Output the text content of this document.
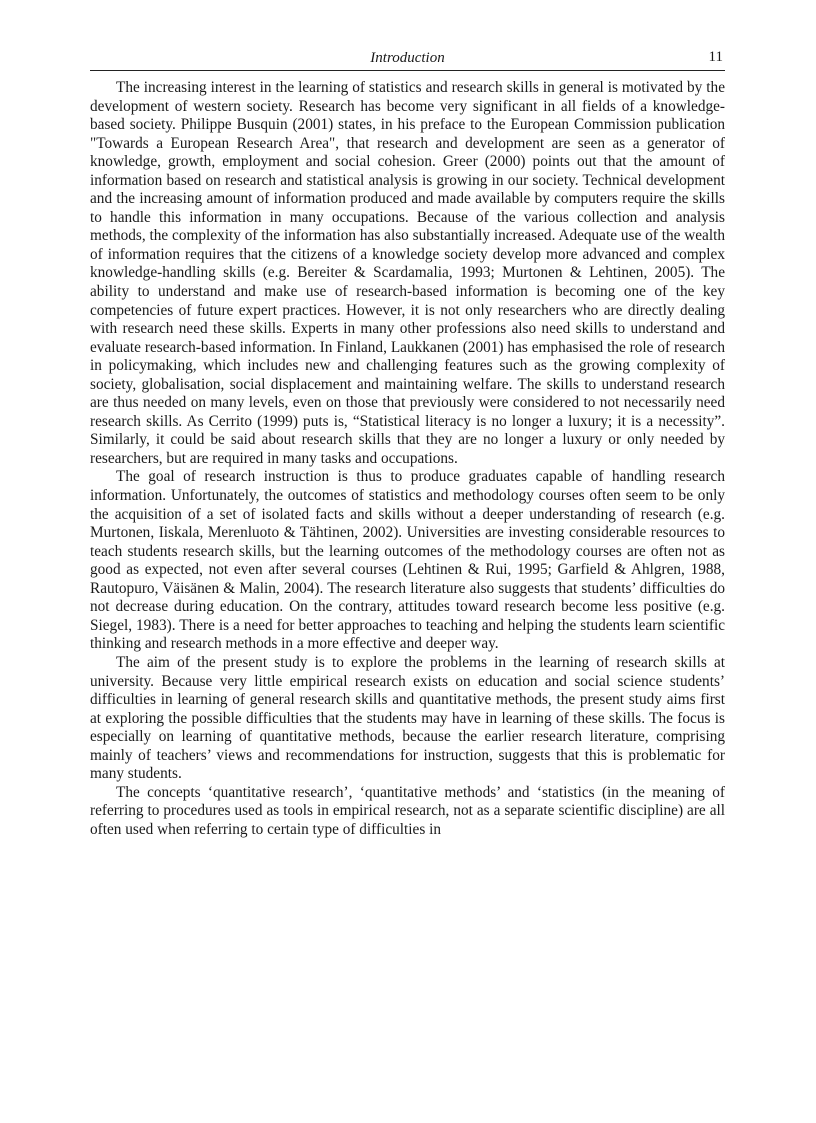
Introduction	11

The increasing interest in the learning of statistics and research skills in general is motivated by the development of western society. Research has become very significant in all fields of a knowledge-based society. Philippe Busquin (2001) states, in his preface to the European Commission publication "Towards a European Research Area", that research and development are seen as a generator of knowledge, growth, employment and social cohesion. Greer (2000) points out that the amount of information based on research and statistical analysis is growing in our society. Technical development and the increasing amount of information produced and made available by computers require the skills to handle this information in many occupations. Because of the various collection and analysis methods, the complexity of the information has also substantially increased. Adequate use of the wealth of information requires that the citizens of a knowledge society develop more advanced and complex knowledge-handling skills (e.g. Bereiter & Scardamalia, 1993; Murtonen & Lehtinen, 2005). The ability to understand and make use of research-based information is becoming one of the key competencies of future expert practices. However, it is not only researchers who are directly dealing with research need these skills. Experts in many other professions also need skills to understand and evaluate research-based information. In Finland, Laukkanen (2001) has emphasised the role of research in policymaking, which includes new and challenging features such as the growing complexity of society, globalisation, social displacement and maintaining welfare. The skills to understand research are thus needed on many levels, even on those that previously were considered to not necessarily need research skills. As Cerrito (1999) puts is, “Statistical literacy is no longer a luxury; it is a necessity”. Similarly, it could be said about research skills that they are no longer a luxury or only needed by researchers, but are required in many tasks and occupations.

The goal of research instruction is thus to produce graduates capable of handling research information. Unfortunately, the outcomes of statistics and methodology courses often seem to be only the acquisition of a set of isolated facts and skills without a deeper understanding of research (e.g. Murtonen, Iiskala, Merenluoto & Tähtinen, 2002). Universities are investing considerable resources to teach students research skills, but the learning outcomes of the methodology courses are often not as good as expected, not even after several courses (Lehtinen & Rui, 1995; Garfield & Ahlgren, 1988, Rautopuro, Väisänen & Malin, 2004). The research literature also suggests that students’ difficulties do not decrease during education. On the contrary, attitudes toward research become less positive (e.g. Siegel, 1983). There is a need for better approaches to teaching and helping the students learn scientific thinking and research methods in a more effective and deeper way.

The aim of the present study is to explore the problems in the learning of research skills at university. Because very little empirical research exists on education and social science students’ difficulties in learning of general research skills and quantitative methods, the present study aims first at exploring the possible difficulties that the students may have in learning of these skills. The focus is especially on learning of quantitative methods, because the earlier research literature, comprising mainly of teachers’ views and recommendations for instruction, suggests that this is problematic for many students.

The concepts ‘quantitative research’, ‘quantitative methods’ and ‘statistics (in the meaning of referring to procedures used as tools in empirical research, not as a separate scientific discipline) are all often used when referring to certain type of difficulties in
